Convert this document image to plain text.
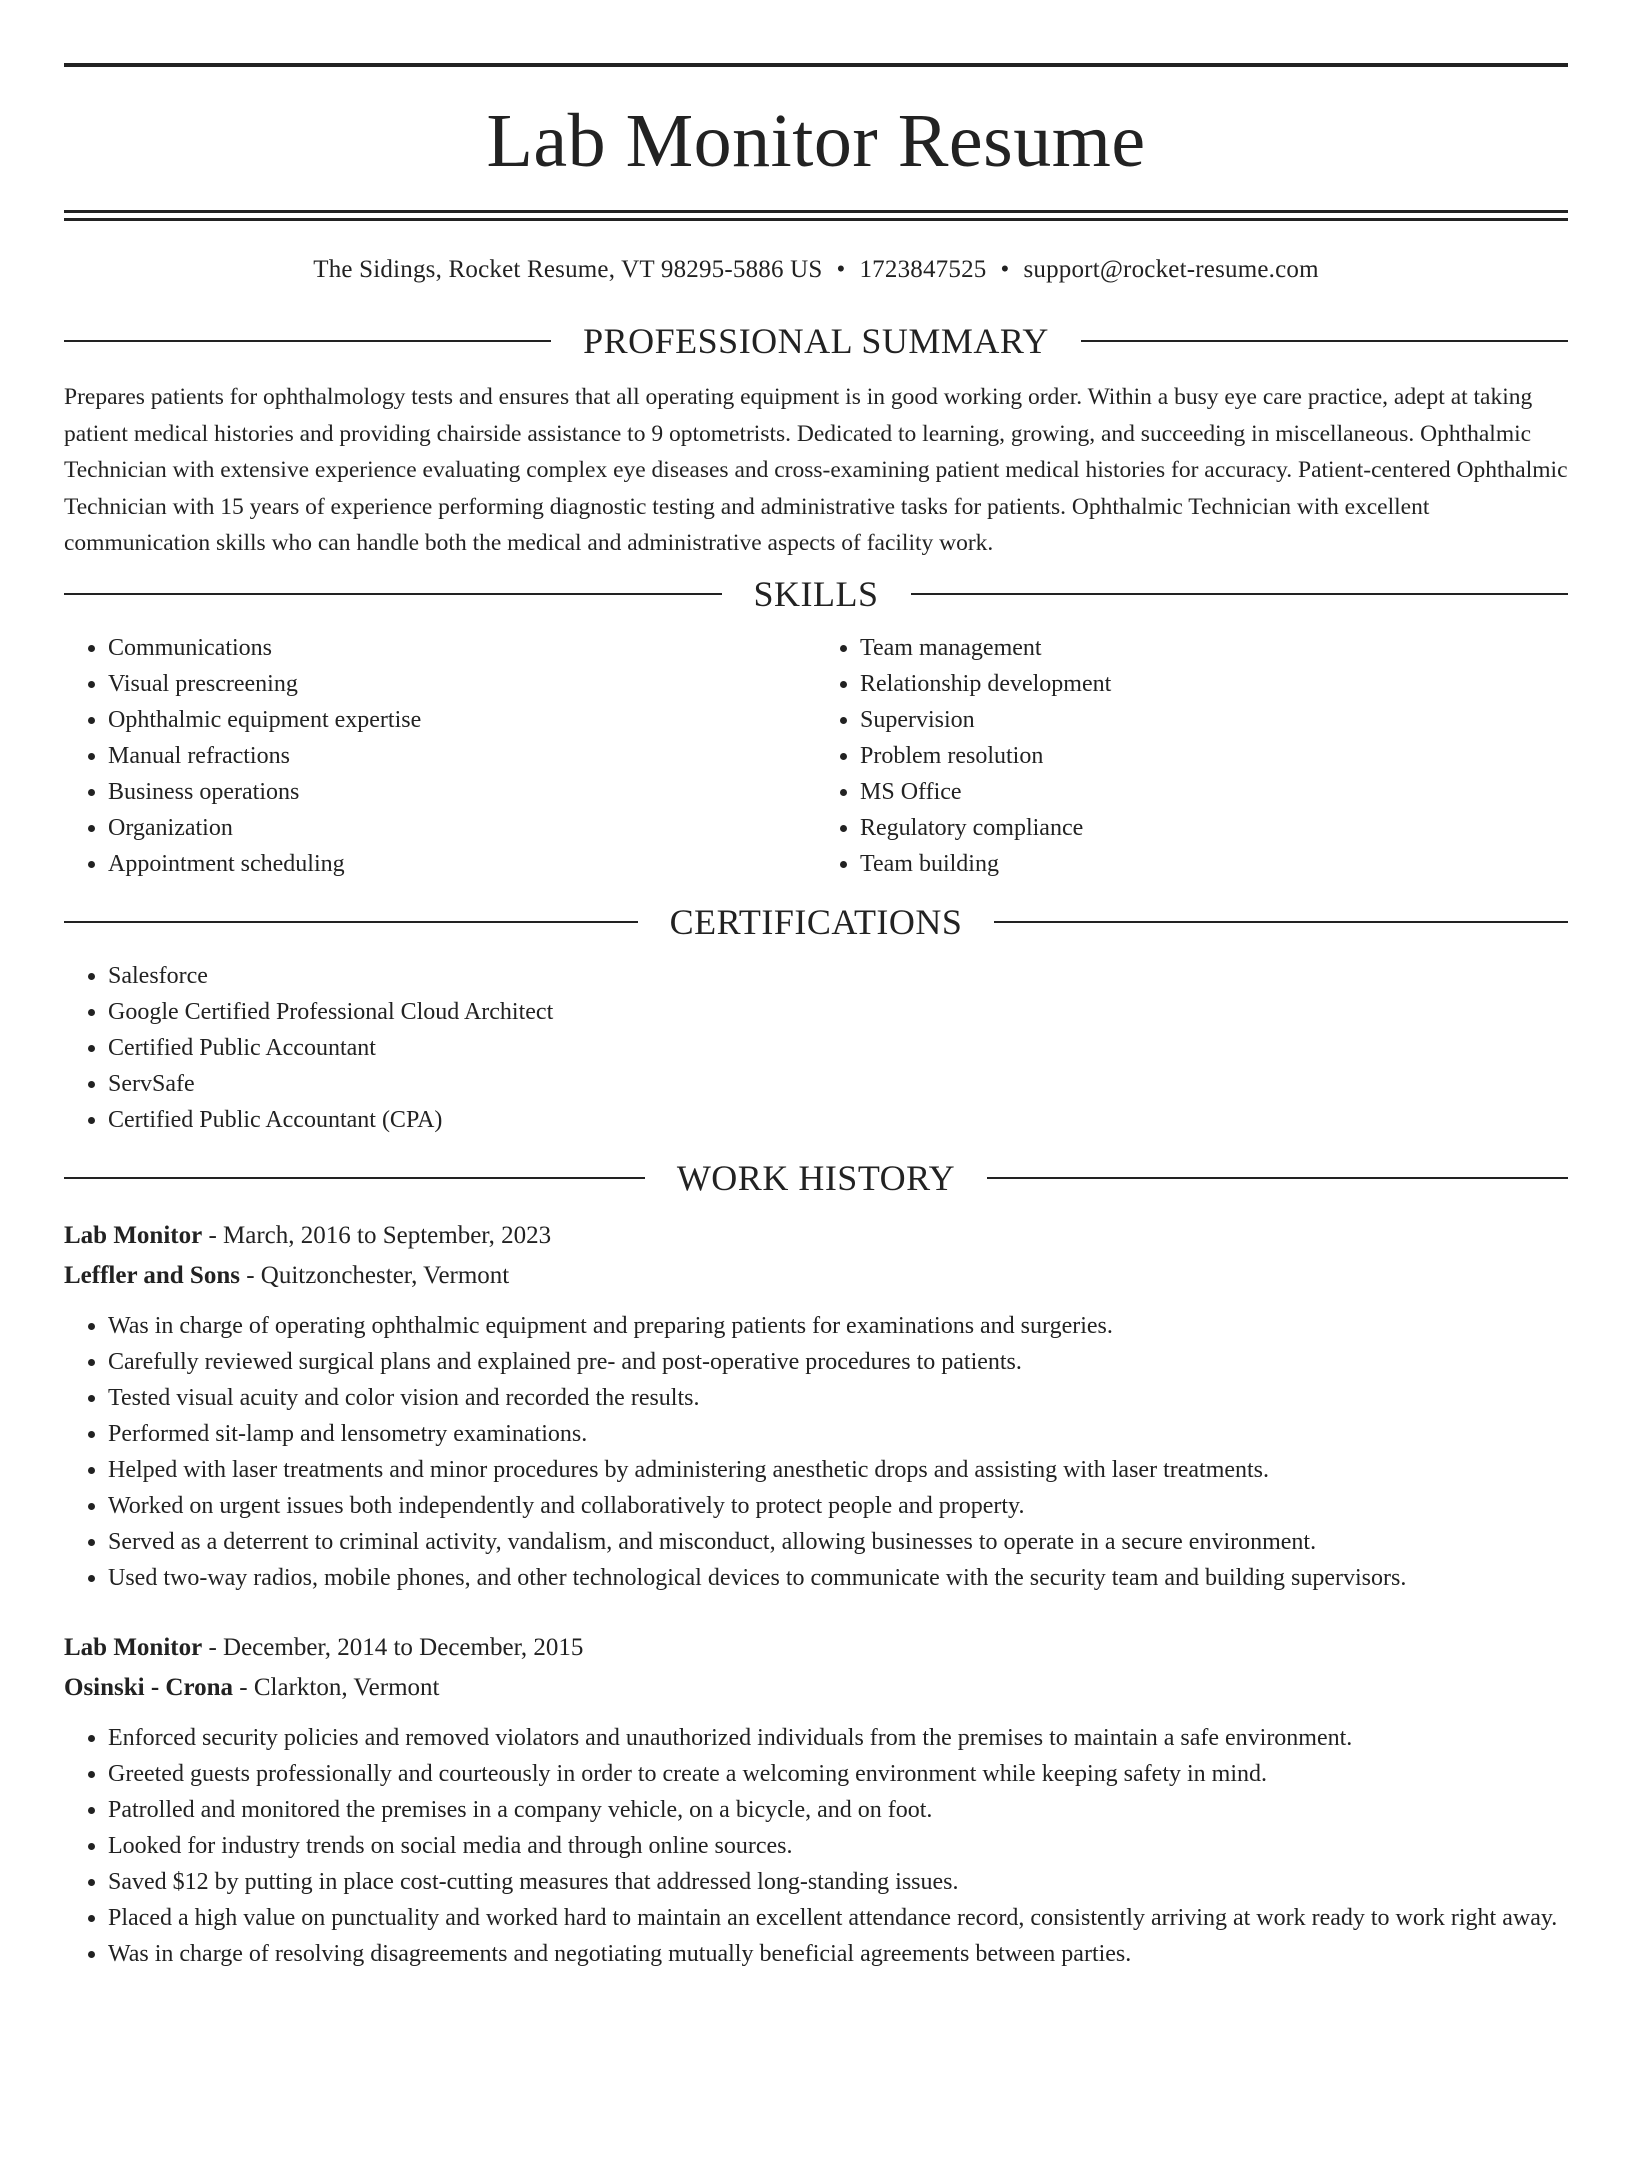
Lab Monitor Resume
The Sidings, Rocket Resume, VT 98295-5886 US • 1723847525 • support@rocket-resume.com
PROFESSIONAL SUMMARY

Prepares patients for ophthalmology tests and ensures that all operating equipment is in good working order. Within a busy eye care practice, adept at taking patient medical histories and providing chairside assistance to 9 optometrists. Dedicated to learning, growing, and succeeding in miscellaneous. Ophthalmic Technician with extensive experience evaluating complex eye diseases and cross-examining patient medical histories for accuracy. Patient-centered Ophthalmic Technician with 15 years of experience performing diagnostic testing and administrative tasks for patients. Ophthalmic Technician with excellent communication skills who can handle both the medical and administrative aspects of facility work.

SKILLS
• Communications
• Visual prescreening
• Ophthalmic equipment expertise
• Manual refractions
• Business operations
• Organization
• Appointment scheduling
• Team management
• Relationship development
• Supervision
• Problem resolution
• MS Office
• Regulatory compliance
• Team building
CERTIFICATIONS
• Salesforce
• Google Certified Professional Cloud Architect
• Certified Public Accountant
• ServSafe
• Certified Public Accountant (CPA)
WORK HISTORY
Lab Monitor - March, 2016 to September, 2023
Leffler and Sons - Quitzonchester, Vermont
• Was in charge of operating ophthalmic equipment and preparing patients for examinations and surgeries.
• Carefully reviewed surgical plans and explained pre- and post-operative procedures to patients.
• Tested visual acuity and color vision and recorded the results.
• Performed sit-lamp and lensometry examinations.
• Helped with laser treatments and minor procedures by administering anesthetic drops and assisting with laser treatments.
• Worked on urgent issues both independently and collaboratively to protect people and property.
• Served as a deterrent to criminal activity, vandalism, and misconduct, allowing businesses to operate in a secure environment.
• Used two-way radios, mobile phones, and other technological devices to communicate with the security team and building supervisors.
Lab Monitor - December, 2014 to December, 2015
Osinski - Crona - Clarkton, Vermont
• Enforced security policies and removed violators and unauthorized individuals from the premises to maintain a safe environment.
• Greeted guests professionally and courteously in order to create a welcoming environment while keeping safety in mind.
• Patrolled and monitored the premises in a company vehicle, on a bicycle, and on foot.
• Looked for industry trends on social media and through online sources.
• Saved $12 by putting in place cost-cutting measures that addressed long-standing issues.
• Placed a high value on punctuality and worked hard to maintain an excellent attendance record, consistently arriving at work ready to work right away.
• Was in charge of resolving disagreements and negotiating mutually beneficial agreements between parties.
